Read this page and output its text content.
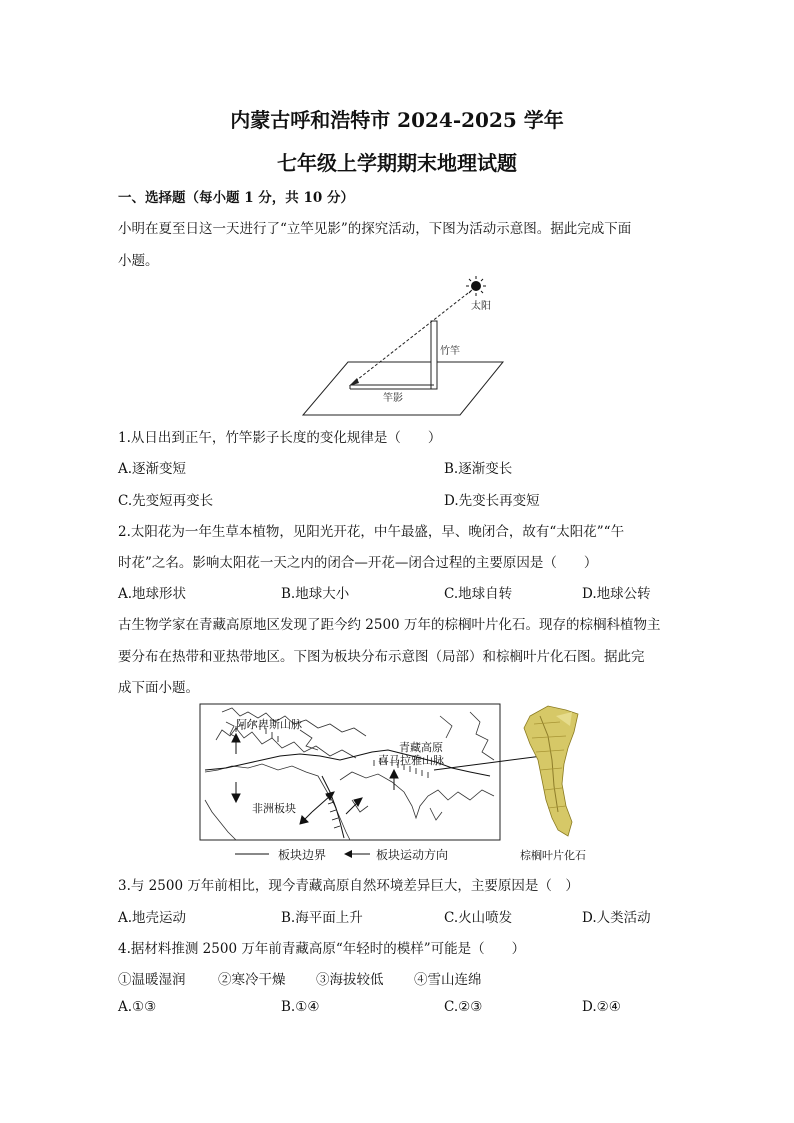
内蒙古呼和浩特市 2024-2025 学年
七年级上学期期末地理试题
一、选择题（每小题 1 分，共 10 分）
小明在夏至日这一天进行了“立竿见影”的探究活动，下图为活动示意图。据此完成下面
小题。
太阳
竹竿
竿影
1.从日出到正午，竹竿影子长度的变化规律是（　　）
A.逐渐变短	B.逐渐变长
C.先变短再变长	D.先变长再变短
2.太阳花为一年生草本植物，见阳光开花，中午最盛，早、晚闭合，故有“太阳花”“午
时花”之名。影响太阳花一天之内的闭合—开花—闭合过程的主要原因是（　　）
A.地球形状	B.地球大小	C.地球自转	D.地球公转
古生物学家在青藏高原地区发现了距今约 2500 万年的棕榈叶片化石。现存的棕榈科植物主
要分布在热带和亚热带地区。下图为板块分布示意图（局部）和棕榈叶片化石图。据此完
成下面小题。
阿尔卑斯山脉
青藏高原
喜马拉雅山脉
非洲板块
板块边界	板块运动方向	棕榈叶片化石
3.与 2500 万年前相比，现今青藏高原自然环境差异巨大，主要原因是（　）
A.地壳运动	B.海平面上升	C.火山喷发	D.人类活动
4.据材料推测 2500 万年前青藏高原“年轻时的模样”可能是（　　）
①温暖湿润 ②寒冷干燥 ③海拔较低 ④雪山连绵
A.①③	B.①④	C.②③	D.②④
